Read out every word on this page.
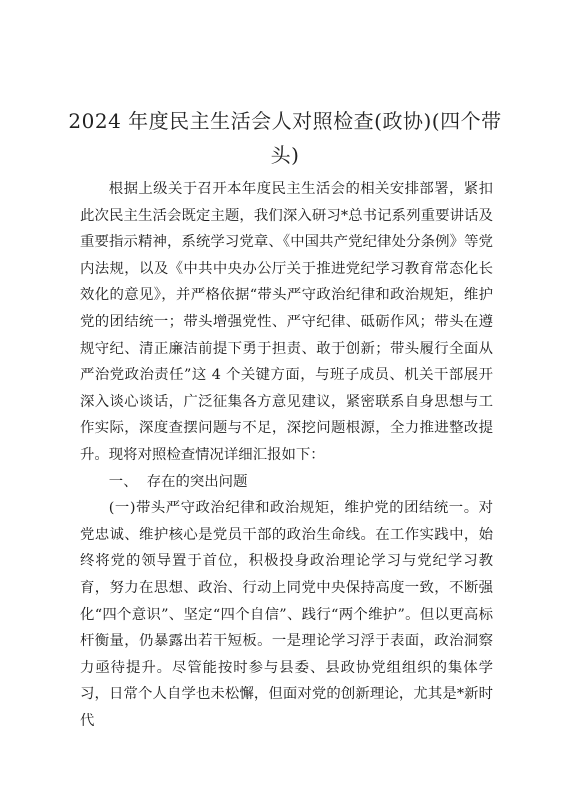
2024 年度民主生活会人对照检查(政协)(四个带头)

根据上级关于召开本年度民主生活会的相关安排部署，紧扣此次民主生活会既定主题，我们深入研习*总书记系列重要讲话及重要指示精神，系统学习党章、《中国共产党纪律处分条例》等党内法规，以及《中共中央办公厅关于推进党纪学习教育常态化长效化的意见》，并严格依据“带头严守政治纪律和政治规矩，维护党的团结统一；带头增强党性、严守纪律、砥砺作风；带头在遵规守纪、清正廉洁前提下勇于担责、敢于创新；带头履行全面从严治党政治责任”这 4 个关键方面，与班子成员、机关干部展开深入谈心谈话，广泛征集各方意见建议，紧密联系自身思想与工作实际，深度查摆问题与不足，深挖问题根源，全力推进整改提升。现将对照检查情况详细汇报如下：

一、  存在的突出问题

(一)带头严守政治纪律和政治规矩，维护党的团结统一。对党忠诚、维护核心是党员干部的政治生命线。在工作实践中，始终将党的领导置于首位，积极投身政治理论学习与党纪学习教育，努力在思想、政治、行动上同党中央保持高度一致，不断强化“四个意识”、坚定“四个自信”、践行“两个维护”。但以更高标杆衡量，仍暴露出若干短板。一是理论学习浮于表面，政治洞察力亟待提升。尽管能按时参与县委、县政协党组组织的集体学习，日常个人自学也未松懈，但面对党的创新理论，尤其是*新时代
